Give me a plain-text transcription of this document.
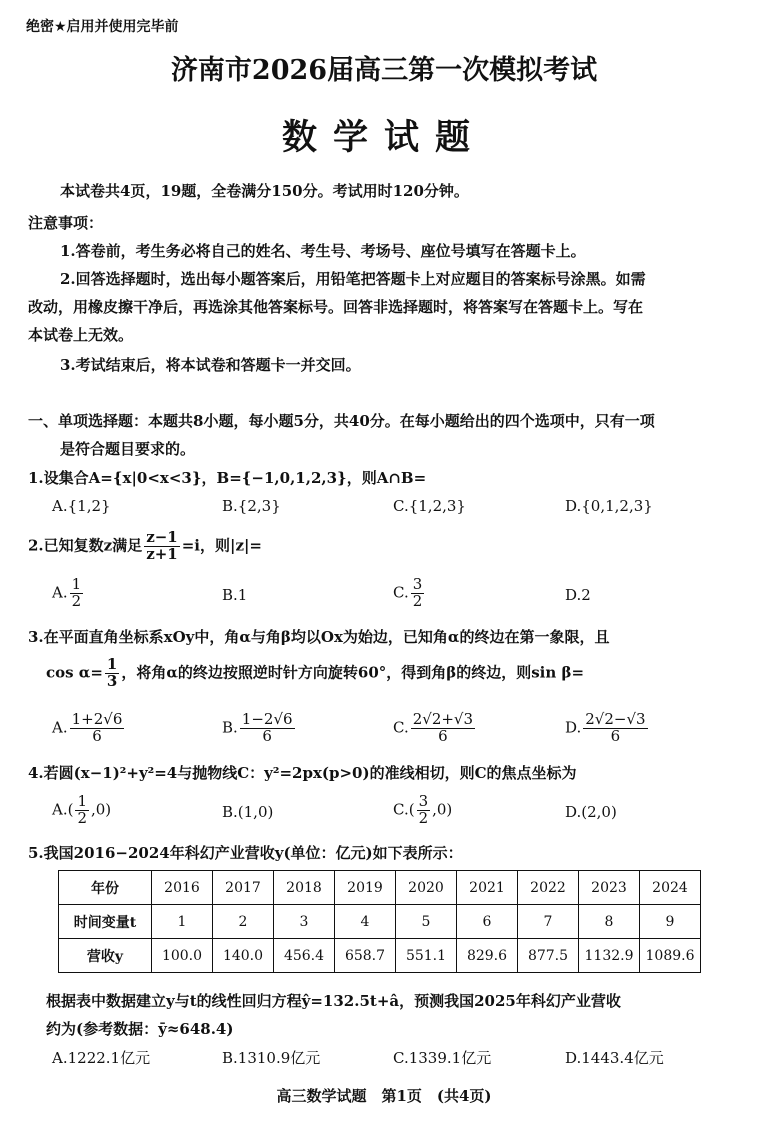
绝密★启用并使用完毕前
济南市2026届高三第一次模拟考试
数学试题
本试卷共4页，19题，全卷满分150分。考试用时120分钟。
注意事项：
1.答卷前，考生务必将自己的姓名、考生号、考场号、座位号填写在答题卡上。
2.回答选择题时，选出每小题答案后，用铅笔把答题卡上对应题目的答案标号涂黑。如需
改动，用橡皮擦干净后，再选涂其他答案标号。回答非选择题时，将答案写在答题卡上。写在
本试卷上无效。
3.考试结束后，将本试卷和答题卡一并交回。
一、单项选择题：本题共8小题，每小题5分，共40分。在每小题给出的四个选项中，只有一项
是符合题目要求的。
1.设集合A={x|0<x<3}，B={−1,0,1,2,3}，则A∩B=
A.{1,2}	B.{2,3}	C.{1,2,3}	D.{0,1,2,3}
2.已知复数z满足 $\frac{z-1}{z+1} =i$，则|z|=
A. $\frac{1}{2}$	B.1	C. $\frac{3}{2}$	D.2
3.在平面直角坐标系xOy中，角α与角β均以Ox为始边，已知角α的终边在第一象限，且
$\cos \alpha= \frac{1}{3}$ ，将角α的终边按照逆时针方向旋转60°，得到角β的终边，则sin β=
A. $\frac{1+2√6}{6}$	B. $\frac{1-2√6}{6}$	C. $\frac{2√2+√3}{6}$	D. $\frac{2√2-√3}{6}$
4.若圆(x−1)²+y²=4与抛物线C：y²=2px(p>0)的准线相切，则C的焦点坐标为
$A.( \frac{1}{2} ,0)$	B.(1,0)	$C.( \frac{3}{2} ,0)$	D.(2,0)
5.我国2016−2024年科幻产业营收y(单位：亿元)如下表所示：
年份	2016	2017	2018	2019	2020	2021	2022	2023	2024
时间变量t	1	2	3	4	5	6	7	8	9
营收y	100.0	140.0	456.4	658.7	551.1	829.6	877.5	1132.9	1089.6
根据表中数据建立y与t的线性回归方程ŷ=132.5t+â，预测我国2025年科幻产业营收
约为(参考数据：ȳ≈648.4)
A.1222.1亿元	B.1310.9亿元	C.1339.1亿元	D.1443.4亿元
高三数学试题　第1页　(共4页)
